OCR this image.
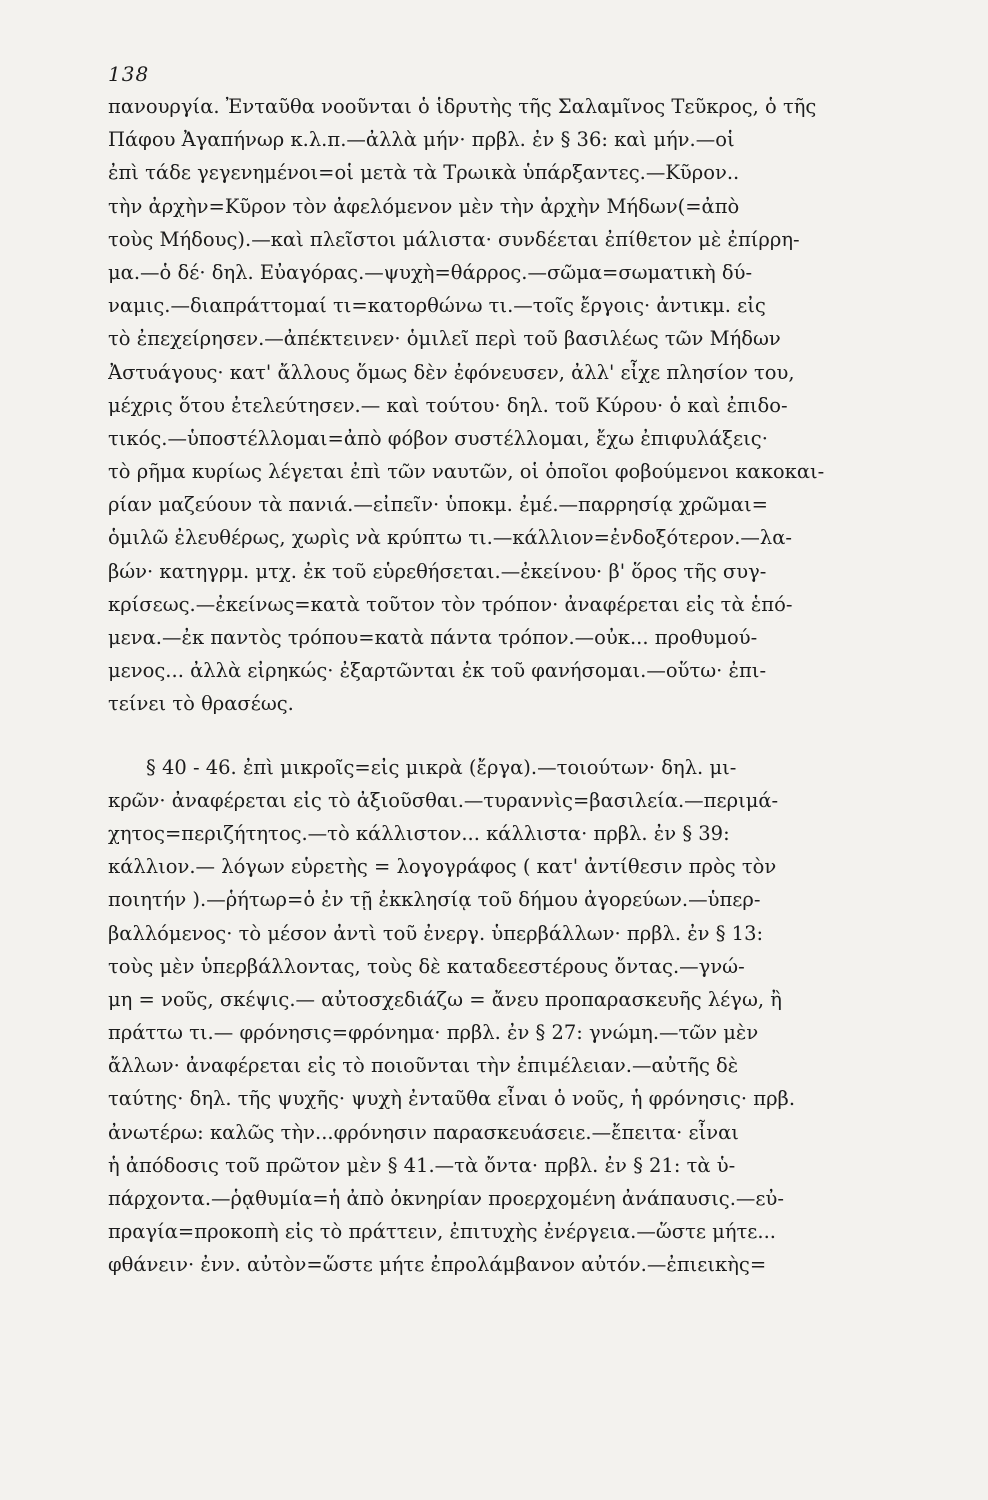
138

πανουργία. Ἐνταῦθα νοοῦνται ὁ ἱδρυτὴς τῆς Σαλαμῖνος Τεῦκρος, ὁ τῆς
Πάφου Ἀγαπήνωρ κ.λ.π.—ἀλλὰ μήν· πρβλ. ἐν § 36: καὶ μήν.—οἱ
ἐπὶ τάδε γεγενημένοι=οἱ μετὰ τὰ Τρωικὰ ὑπάρξαντες.—Κῦρον..
τὴν ἀρχὴν=Κῦρον τὸν ἀφελόμενον μὲν τὴν ἀρχὴν Μήδων(=ἀπὸ
τοὺς Μήδους).—καὶ πλεῖστοι μάλιστα· συνδέεται ἐπίθετον μὲ ἐπίρρη-
μα.—ὁ δέ· δηλ. Εὐαγόρας.—ψυχὴ=θάρρος.—σῶμα=σωματικὴ δύ-
ναμις.—διαπράττομαί τι=κατορθώνω τι.—τοῖς ἔργοις· ἀντικμ. εἰς
τὸ ἐπεχείρησεν.—ἀπέκτεινεν· ὁμιλεῖ περὶ τοῦ βασιλέως τῶν Μήδων
Ἀστυάγους· κατ' ἄλλους ὅμως δὲν ἐφόνευσεν, ἀλλ' εἶχε πλησίον του,
μέχρις ὅτου ἐτελεύτησεν.— καὶ τούτου· δηλ. τοῦ Κύρου· ὁ καὶ ἐπιδο-
τικός.—ὑποστέλλομαι=ἀπὸ φόβον συστέλλομαι, ἔχω ἐπιφυλάξεις·
τὸ ρῆμα κυρίως λέγεται ἐπὶ τῶν ναυτῶν, οἱ ὁποῖοι φοβούμενοι κακοκαι-
ρίαν μαζεύουν τὰ πανιά.—εἰπεῖν· ὑποκμ. ἐμέ.—παρρησίᾳ χρῶμαι=
ὁμιλῶ ἐλευθέρως, χωρὶς νὰ κρύπτω τι.—κάλλιον=ἐνδοξότερον.—λα-
βών· κατηγρμ. μτχ. ἐκ τοῦ εὑρεθήσεται.—ἐκείνου· β' ὅρος τῆς συγ-
κρίσεως.—ἐκείνως=κατὰ τοῦτον τὸν τρόπον· ἀναφέρεται εἰς τὰ ἑπό-
μενα.—ἐκ παντὸς τρόπου=κατὰ πάντα τρόπον.—οὐκ... προθυμού-
μενος... ἀλλὰ εἰρηκώς· ἐξαρτῶνται ἐκ τοῦ φανήσομαι.—οὕτω· ἐπι-
τείνει τὸ θρασέως.

§ 40 - 46. ἐπὶ μικροῖς=εἰς μικρὰ (ἔργα).—τοιούτων· δηλ. μι-
κρῶν· ἀναφέρεται εἰς τὸ ἀξιοῦσθαι.—τυραννὶς=βασιλεία.—περιμά-
χητος=περιζήτητος.—τὸ κάλλιστον... κάλλιστα· πρβλ. ἐν § 39:
κάλλιον.— λόγων εὑρετὴς = λογογράφος ( κατ' ἀντίθεσιν πρὸς τὸν
ποιητήν ).—ῥήτωρ=ὁ ἐν τῇ ἐκκλησίᾳ τοῦ δήμου ἀγορεύων.—ὑπερ-
βαλλόμενος· τὸ μέσον ἀντὶ τοῦ ἐνεργ. ὑπερβάλλων· πρβλ. ἐν § 13:
τοὺς μὲν ὑπερβάλλοντας, τοὺς δὲ καταδεεστέρους ὄντας.—γνώ-
μη = νοῦς, σκέψις.— αὐτοσχεδιάζω = ἄνευ προπαρασκευῆς λέγω, ἢ
πράττω τι.— φρόνησις=φρόνημα· πρβλ. ἐν § 27: γνώμη.—τῶν μὲν
ἄλλων· ἀναφέρεται εἰς τὸ ποιοῦνται τὴν ἐπιμέλειαν.—αὐτῆς δὲ
ταύτης· δηλ. τῆς ψυχῆς· ψυχὴ ἐνταῦθα εἶναι ὁ νοῦς, ἡ φρόνησις· πρβ.
ἀνωτέρω: καλῶς τὴν...φρόνησιν παρασκευάσειε.—ἔπειτα· εἶναι
ἡ ἀπόδοσις τοῦ πρῶτον μὲν § 41.—τὰ ὄντα· πρβλ. ἐν § 21: τὰ ὑ-
πάρχοντα.—ῥᾳθυμία=ἡ ἀπὸ ὀκνηρίαν προερχομένη ἀνάπαυσις.—εὐ-
πραγία=προκοπὴ εἰς τὸ πράττειν, ἐπιτυχὴς ἐνέργεια.—ὥστε μήτε...
φθάνειν· ἐνν. αὐτὸν=ὥστε μήτε ἐπρολάμβανον αὐτόν.—ἐπιεικὴς=
